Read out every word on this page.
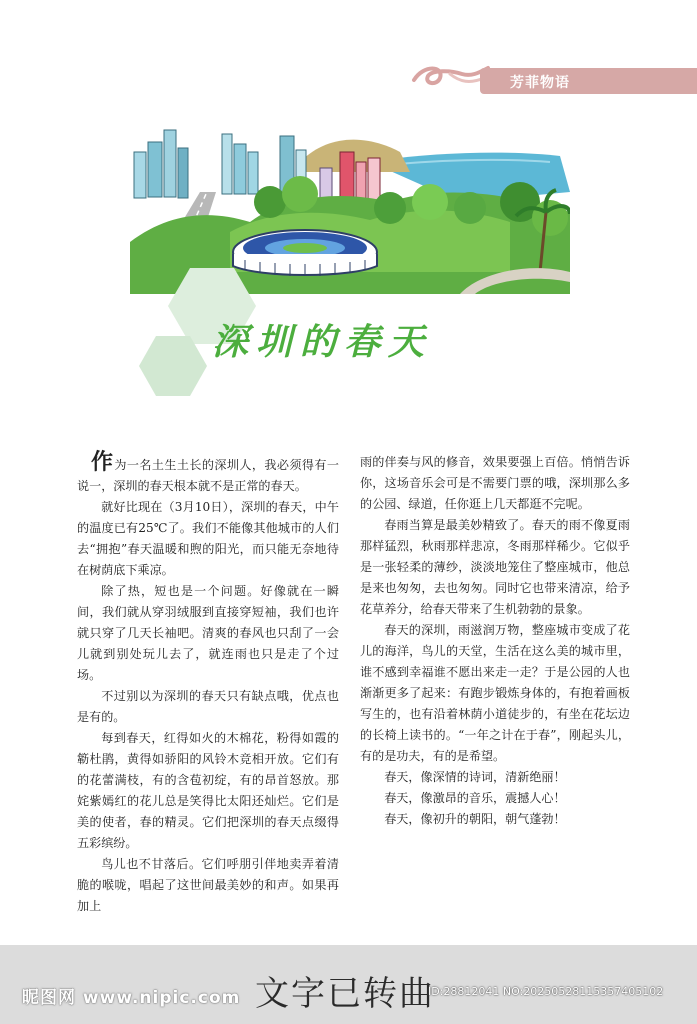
芳菲物语
深圳的春天

作为一名土生土长的深圳人，我必须得有一说一，深圳的春天根本就不是正常的春天。

就好比现在（3月10日），深圳的春天，中午的温度已有25℃了。我们不能像其他城市的人们去“拥抱”春天温暖和煦的阳光，而只能无奈地待在树荫底下乘凉。

除了热，短也是一个问题。好像就在一瞬间，我们就从穿羽绒服到直接穿短袖，我们也许就只穿了几天长袖吧。清爽的春风也只刮了一会儿就到别处玩儿去了，就连雨也只是走了个过场。

不过别以为深圳的春天只有缺点哦，优点也是有的。

每到春天，红得如火的木棉花，粉得如霞的簕杜鹃，黄得如骄阳的风铃木竞相开放。它们有的花蕾满枝，有的含苞初绽，有的昂首怒放。那姹紫嫣红的花儿总是笑得比太阳还灿烂。它们是美的使者，春的精灵。它们把深圳的春天点缀得五彩缤纷。

鸟儿也不甘落后。它们呼朋引伴地卖弄着清脆的喉咙，唱起了这世间最美妙的和声。如果再加上

雨的伴奏与风的修音，效果要强上百倍。悄悄告诉你，这场音乐会可是不需要门票的哦，深圳那么多的公园、绿道，任你逛上几天都逛不完呢。

春雨当算是最美妙精致了。春天的雨不像夏雨那样猛烈，秋雨那样悲凉，冬雨那样稀少。它似乎是一张轻柔的薄纱，淡淡地笼住了整座城市，他总是来也匆匆，去也匆匆。同时它也带来清凉，给予花草养分，给春天带来了生机勃勃的景象。

春天的深圳，雨滋润万物，整座城市变成了花儿的海洋，鸟儿的天堂，生活在这么美的城市里，谁不感到幸福谁不愿出来走一走？于是公园的人也渐渐更多了起来：有跑步锻炼身体的，有抱着画板写生的，也有沿着林荫小道徒步的，有坐在花坛边的长椅上读书的。“一年之计在于春”，刚起头儿，有的是功夫，有的是希望。

春天，像深情的诗词，清新绝丽！

春天，像激昂的音乐，震撼人心！

春天，像初升的朝阳，朝气蓬勃！

文字已转曲
昵图网 www.nipic.com	ID:28812041 NO:20250528115357405102
